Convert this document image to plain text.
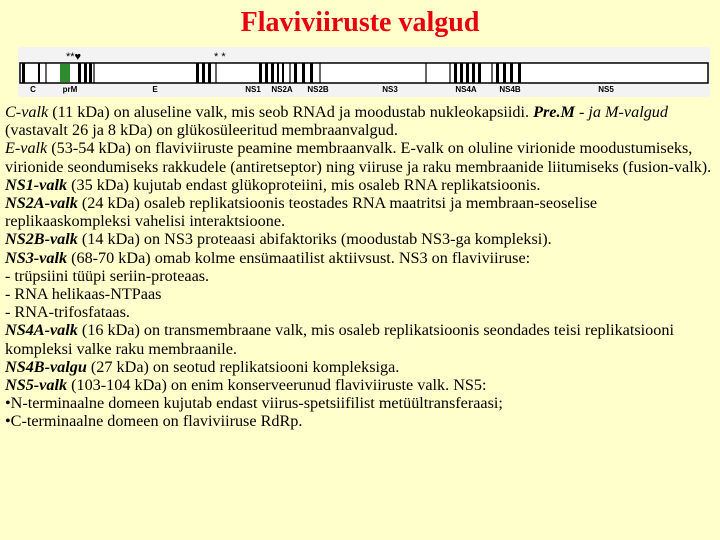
Flaviviiruste valgud
**♥	* *
C	prM	E	NS1 NS2A NS2B	NS3	NS4A	NS4B	NS5

C-valk (11 kDa) on aluseline valk, mis seob RNAd ja moodustab nukleokapsiidi. Pre.M - ja M-valgud (vastavalt 26 ja 8 kDa) on glükosüleeritud membraanvalgud.

E-valk (53-54 kDa) on flaviviiruste peamine membraanvalk. E-valk on oluline virionide moodustumiseks, virionide seondumiseks rakkudele (antiretseptor) ning viiruse ja raku membraanide liitumiseks (fusion-valk).

NS1-valk (35 kDa) kujutab endast glükoproteiini, mis osaleb RNA replikatsioonis.

NS2A-valk (24 kDa) osaleb replikatsioonis teostades RNA maatritsi ja membraan-seoselise replikaaskompleksi vahelisi interaktsioone.

NS2B-valk (14 kDa) on NS3 proteaasi abifaktoriks (moodustab NS3-ga kompleksi).

NS3-valk (68-70 kDa) omab kolme ensümaatilist aktiivsust. NS3 on flaviviiruse:

- trüpsiini tüüpi seriin-proteaas.

- RNA helikaas-NTPaas

- RNA-trifosfataas.

NS4A-valk (16 kDa) on transmembraane valk, mis osaleb replikatsioonis seondades teisi replikatsiooni kompleksi valke raku membraanile.

NS4B-valgu (27 kDa) on seotud replikatsiooni kompleksiga.

NS5-valk (103-104 kDa) on enim konserveerunud flaviviiruste valk. NS5:

•N-terminaalne domeen kujutab endast viirus-spetsiifilist metüültransferaasi;

•C-terminaalne domeen on flaviviiruse RdRp.
